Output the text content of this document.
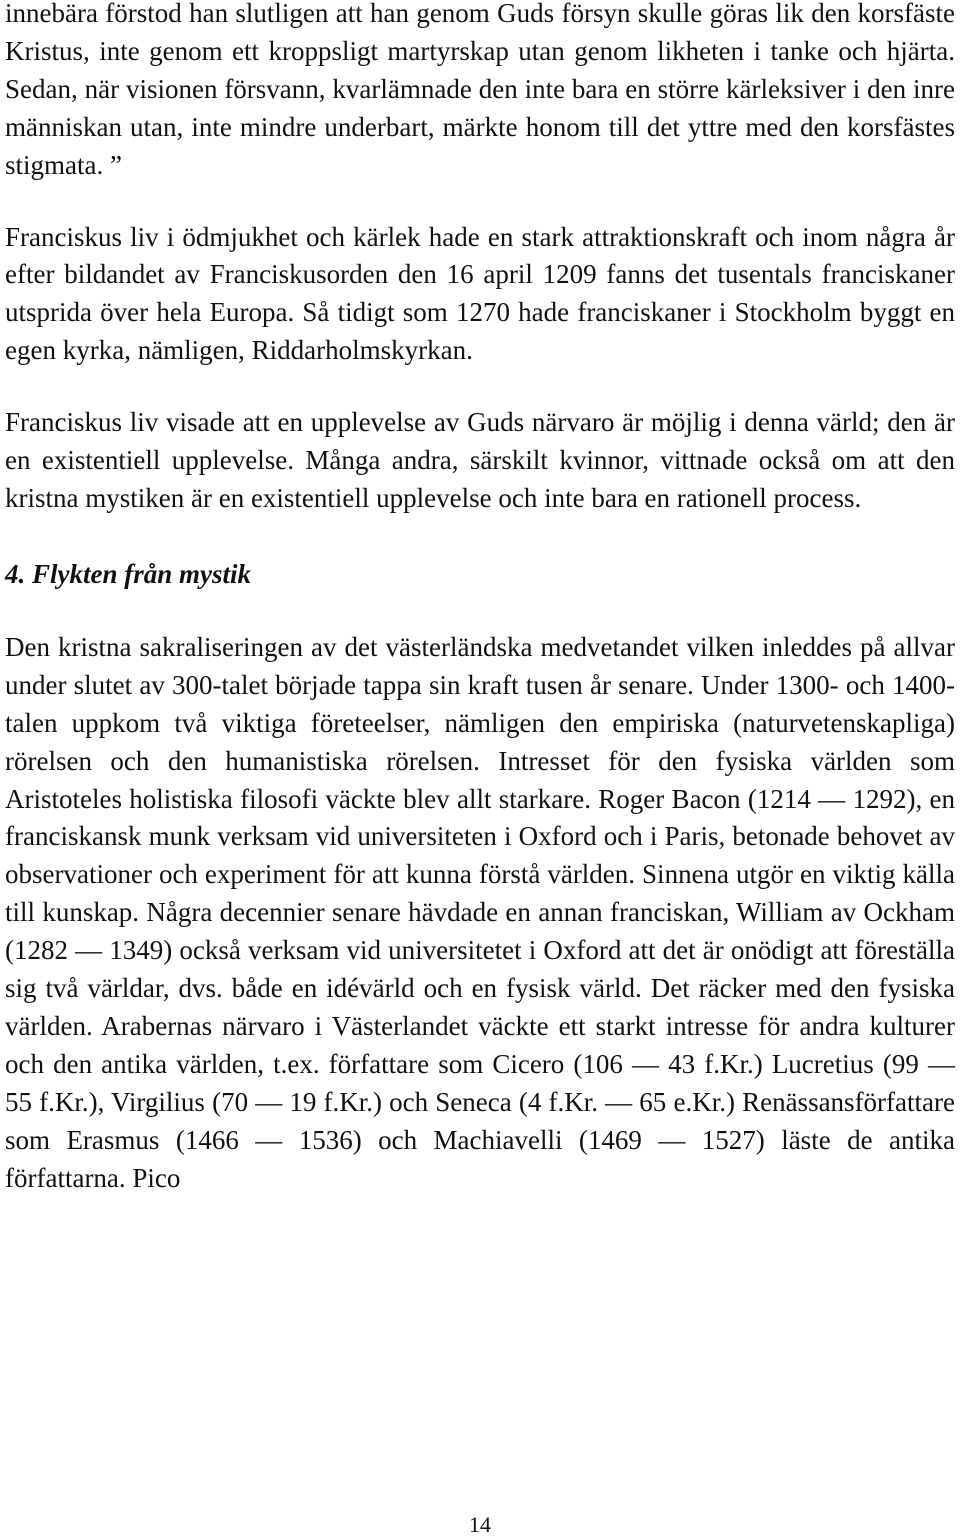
innebära förstod han slutligen att han genom Guds försyn skulle göras lik den korsfäste Kristus, inte genom ett kroppsligt martyrskap utan genom likheten i tanke och hjärta. Sedan, när visionen försvann, kvarlämnade den inte bara en större kärleksiver i den inre människan utan, inte mindre underbart, märkte honom till det yttre med den korsfästes stigmata. ”

Franciskus liv i ödmjukhet och kärlek hade en stark attraktionskraft och inom några år efter bildandet av Franciskusorden den 16 april 1209 fanns det tusentals franciskaner utsprida över hela Europa. Så tidigt som 1270 hade franciskaner i Stockholm byggt en egen kyrka, nämligen, Riddarholmskyrkan.

Franciskus liv visade att en upplevelse av Guds närvaro är möjlig i denna värld; den är en existentiell upplevelse. Många andra, särskilt kvinnor, vittnade också om att den kristna mystiken är en existentiell upplevelse och inte bara en rationell process.

4. Flykten från mystik

Den kristna sakraliseringen av det västerländska medvetandet vilken inleddes på allvar under slutet av 300-talet började tappa sin kraft tusen år senare. Under 1300- och 1400-talen uppkom två viktiga företeelser, nämligen den empiriska (naturvetenskapliga) rörelsen och den humanistiska rörelsen. Intresset för den fysiska världen som Aristoteles holistiska filosofi väckte blev allt starkare. Roger Bacon (1214 — 1292), en franciskansk munk verksam vid universiteten i Oxford och i Paris, betonade behovet av observationer och experiment för att kunna förstå världen. Sinnena utgör en viktig källa till kunskap. Några decennier senare hävdade en annan franciskan, William av Ockham (1282 — 1349) också verksam vid universitetet i Oxford att det är onödigt att föreställa sig två världar, dvs. både en idévärld och en fysisk värld. Det räcker med den fysiska världen. Arabernas närvaro i Västerlandet väckte ett starkt intresse för andra kulturer och den antika världen, t.ex. författare som Cicero (106 — 43 f.Kr.) Lucretius (99 — 55 f.Kr.), Virgilius (70 — 19 f.Kr.) och Seneca (4 f.Kr. — 65 e.Kr.) Renässansförfattare som Erasmus (1466 — 1536) och Machiavelli (1469 — 1527) läste de antika författarna. Pico

14
